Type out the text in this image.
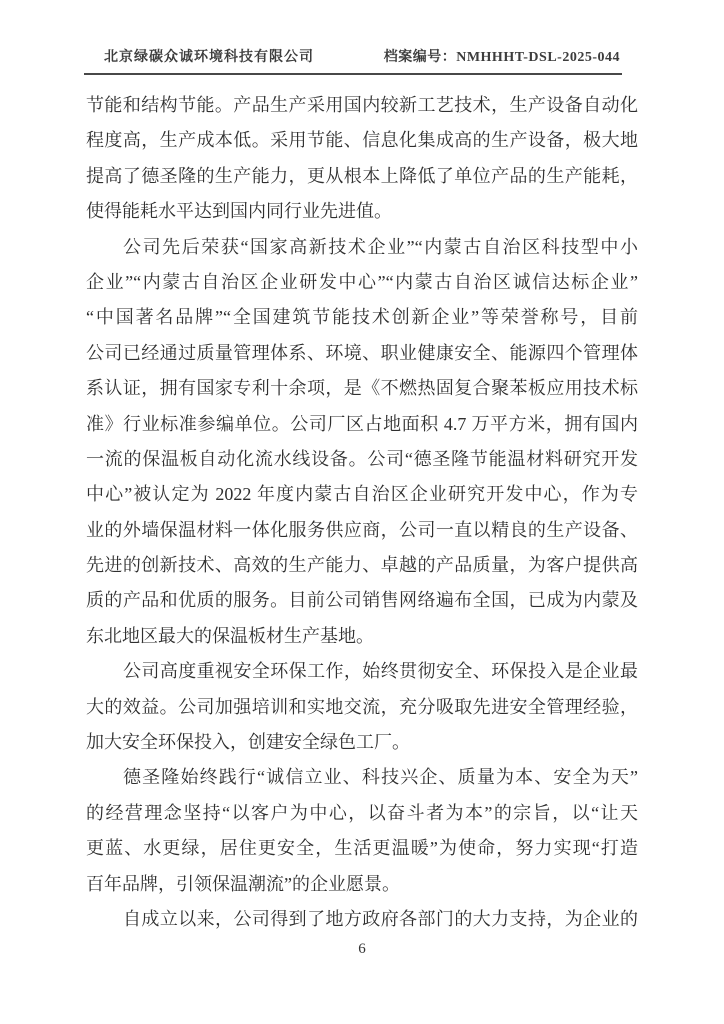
北京绿碳众诚环境科技有限公司	档案编号：NMHHHT-DSL-2025-044
节能和结构节能。产品生产采用国内较新工艺技术，生产设备自动化
程度高，生产成本低。采用节能、信息化集成高的生产设备，极大地
提高了德圣隆的生产能力，更从根本上降低了单位产品的生产能耗，
使得能耗水平达到国内同行业先进值。
公司先后荣获“国家高新技术企业”“内蒙古自治区科技型中小
企业”“内蒙古自治区企业研发中心”“内蒙古自治区诚信达标企业”
“中国著名品牌”“全国建筑节能技术创新企业”等荣誉称号，目前
公司已经通过质量管理体系、环境、职业健康安全、能源四个管理体
系认证，拥有国家专利十余项，是《不燃热固复合聚苯板应用技术标
准》行业标准参编单位。公司厂区占地面积 4.7 万平方米，拥有国内
一流的保温板自动化流水线设备。公司“德圣隆节能温材料研究开发
中心”被认定为 2022 年度内蒙古自治区企业研究开发中心，作为专
业的外墙保温材料一体化服务供应商，公司一直以精良的生产设备、
先进的创新技术、高效的生产能力、卓越的产品质量，为客户提供高
质的产品和优质的服务。目前公司销售网络遍布全国，已成为内蒙及
东北地区最大的保温板材生产基地。
公司高度重视安全环保工作，始终贯彻安全、环保投入是企业最
大的效益。公司加强培训和实地交流，充分吸取先进安全管理经验，
加大安全环保投入，创建安全绿色工厂。
德圣隆始终践行“诚信立业、科技兴企、质量为本、安全为天”
的经营理念坚持“以客户为中心，以奋斗者为本”的宗旨，以“让天
更蓝、水更绿，居住更安全，生活更温暖”为使命，努力实现“打造
百年品牌，引领保温潮流”的企业愿景。
自成立以来，公司得到了地方政府各部门的大力支持，为企业的
6
